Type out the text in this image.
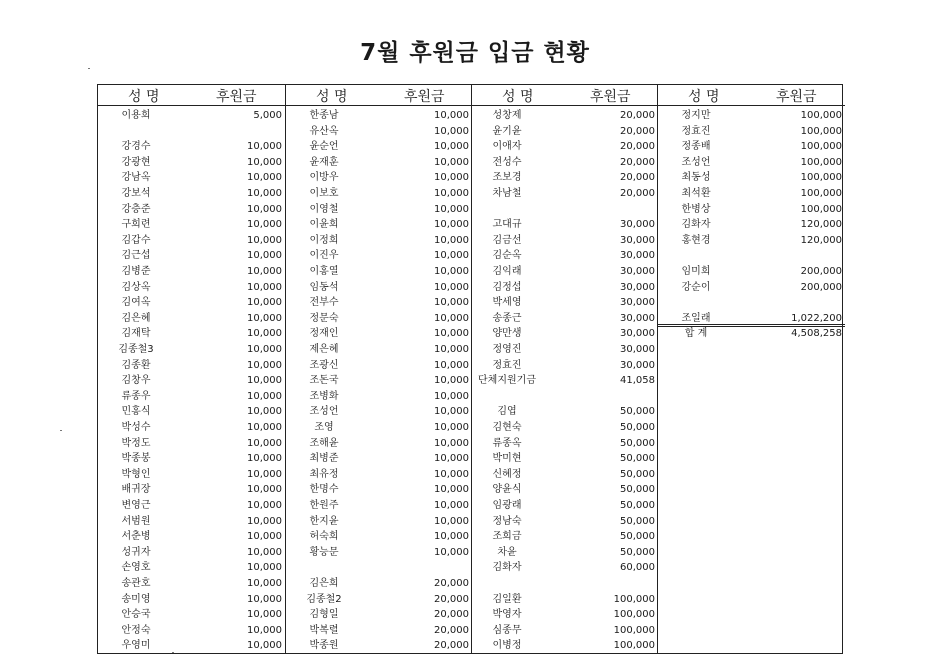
7월 후원금 입금 현황
성 명	후원금
이용희	5,000
강경수	10,000
강광현	10,000
강남옥	10,000
강보석	10,000
강층준	10,000
구희련	10,000
김갑수	10,000
김근섭	10,000
김병준	10,000
김상옥	10,000
김여옥	10,000
김은혜	10,000
김재탁	10,000
김종철3	10,000
김종환	10,000
김창우	10,000
류종우	10,000
민홍식	10,000
박성수	10,000
박정도	10,000
박종봉	10,000
박형인	10,000
배귀장	10,000
변영근	10,000
서범원	10,000
서춘병	10,000
성귀자	10,000
손영호	10,000
송관호	10,000
송미영	10,000
안승국	10,000
안정숙	10,000
우영미	10,000
성 명	후원금
한종남	10,000
유산옥	10,000
윤순언	10,000
윤재훈	10,000
이방우	10,000
이보호	10,000
이영철	10,000
이윤희	10,000
이정희	10,000
이진우	10,000
이홍열	10,000
임동석	10,000
전부수	10,000
정문숙	10,000
정재인	10,000
제은혜	10,000
조광신	10,000
조돈국	10,000
조병화	10,000
조성언	10,000
조영	10,000
조해윤	10,000
최병준	10,000
최유정	10,000
한명수	10,000
한원주	10,000
한지윤	10,000
허숙희	10,000
황능문	10,000
김은희	20,000
김종철2	20,000
김형일	20,000
박복렬	20,000
박종원	20,000
성 명	후원금
성창제	20,000
윤기윤	20,000
이애자	20,000
전성수	20,000
조보경	20,000
차남철	20,000
고대규	30,000
김금선	30,000
김순옥	30,000
김익래	30,000
김정섭	30,000
박세영	30,000
송종근	30,000
양만생	30,000
정영진	30,000
정효진	30,000
단체지원기금	41,058
김엽	50,000
김현숙	50,000
류종옥	50,000
박미현	50,000
신혜정	50,000
양윤식	50,000
임광래	50,000
정남숙	50,000
조희금	50,000
차윤	50,000
김화자	60,000
김일환	100,000
박영자	100,000
심종무	100,000
이병정	100,000
성 명	후원금
정지만	100,000
정효진	100,000
정종배	100,000
조성언	100,000
최동성	100,000
최석환	100,000
한병상	100,000
김화자	120,000
홍현경	120,000
임미희	200,000
강순이	200,000
조일래	1,022,200
합 계	4,508,258
